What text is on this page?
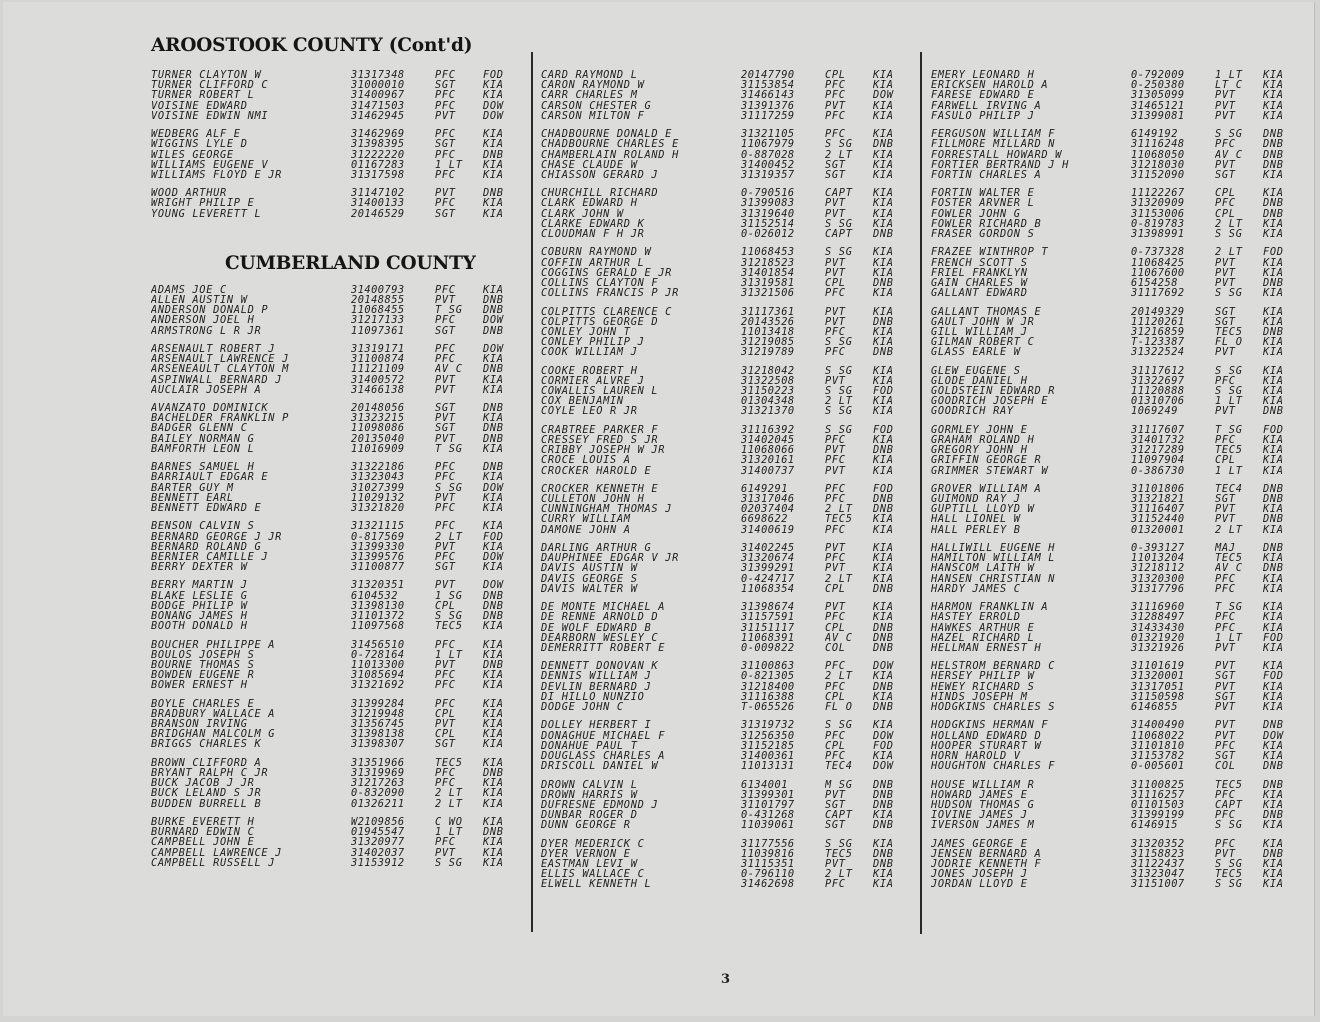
AROOSTOOK COUNTY (Cont'd)
TURNER CLAYTON W	31317348	PFC	FOD
TURNER CLIFFORD C	31000010	SGT	KIA
TURNER ROBERT L	31400967	PFC	KIA
VOISINE EDWARD	31471503	PFC	DOW
VOISINE EDWIN NMI	31462945	PVT	DOW
WEDBERG ALF E	31462969	PFC	KIA
WIGGINS LYLE D	31398395	SGT	KIA
WILES GEORGE	31222220	PFC	DNB
WILLIAMS EUGENE V	01167283	1 LT	KIA
WILLIAMS FLOYD E JR	31317598	PFC	KIA
WOOD ARTHUR	31147102	PVT	DNB
WRIGHT PHILIP E	31400133	PFC	KIA
YOUNG LEVERETT L	20146529	SGT	KIA
CUMBERLAND COUNTY
ADAMS JOE C	31400793	PFC	KIA
ALLEN AUSTIN W	20148855	PVT	DNB
ANDERSON DONALD P	11068455	T SG	DNB
ANDERSON JOEL H	31217133	PFC	DOW
ARMSTRONG L R JR	11097361	SGT	DNB
ARSENAULT ROBERT J	31319171	PFC	DOW
ARSENAULT LAWRENCE J	31100874	PFC	KIA
ARSENEAULT CLAYTON M	11121109	AV C	DNB
ASPINWALL BERNARD J	31400572	PVT	KIA
AUCLAIR JOSEPH A	31466138	PVT	KIA
AVANZATO DOMINICK	20148056	SGT	DNB
BACHELDER FRANKLIN P	31323215	PVT	KIA
BADGER GLENN C	11098086	SGT	DNB
BAILEY NORMAN G	20135040	PVT	DNB
BAMFORTH LEON L	11016909	T SG	KIA
BARNES SAMUEL H	31322186	PFC	DNB
BARRIAULT EDGAR E	31323043	PFC	KIA
BARTER GUY M	31027399	S SG	DOW
BENNETT EARL	11029132	PVT	KIA
BENNETT EDWARD E	31321820	PFC	KIA
BENSON CALVIN S	31321115	PFC	KIA
BERNARD GEORGE J JR	0-817569	2 LT	FOD
BERNARD ROLAND G	31399330	PVT	KIA
BERNIER CAMILLE J	31399576	PFC	DOW
BERRY DEXTER W	31100877	SGT	KIA
BERRY MARTIN J	31320351	PVT	DOW
BLAKE LESLIE G	6104532	1 SG	DNB
BODGE PHILIP W	31398130	CPL	DNB
BONANG JAMES H	31101372	S SG	DNB
BOOTH DONALD H	11097568	TEC5	KIA
BOUCHER PHILIPPE A	31456510	PFC	KIA
BOULOS JOSEPH S	0-728164	1 LT	KIA
BOURNE THOMAS S	11013300	PVT	DNB
BOWDEN EUGENE R	31085694	PFC	KIA
BOWER ERNEST H	31321692	PFC	KIA
BOYLE CHARLES E	31399284	PFC	KIA
BRADBURY WALLACE A	31219948	CPL	KIA
BRANSON IRVING	31356745	PVT	KIA
BRIDGHAN MALCOLM G	31398138	CPL	KIA
BRIGGS CHARLES K	31398307	SGT	KIA
BROWN CLIFFORD A	31351966	TEC5	KIA
BRYANT RALPH C JR	31319969	PFC	DNB
BUCK JACOB J JR	31217263	PFC	KIA
BUCK LELAND S JR	0-832090	2 LT	KIA
BUDDEN BURRELL B	01326211	2 LT	KIA
BURKE EVERETT H	W2109856	C WO	KIA
BURNARD EDWIN C	01945547	1 LT	DNB
CAMPBELL JOHN E	31320977	PFC	KIA
CAMPBELL LAWRENCE J	31402037	PVT	KIA
CAMPBELL RUSSELL J	31153912	S SG	KIA
CARD RAYMOND L	20147790	CPL	KIA
CARON RAYMOND W	31153854	PFC	KIA
CARR CHARLES M	31466143	PFC	DOW
CARSON CHESTER G	31391376	PVT	KIA
CARSON MILTON F	31117259	PFC	KIA
CHADBOURNE DONALD E	31321105	PFC	KIA
CHADBOURNE CHARLES E	11067979	S SG	DNB
CHAMBERLAIN ROLAND H	0-887028	2 LT	KIA
CHASE CLAUDE W	31400452	SGT	KIA
CHIASSON GERARD J	31319357	SGT	KIA
CHURCHILL RICHARD	0-790516	CAPT	KIA
CLARK EDWARD H	31399083	PVT	KIA
CLARK JOHN W	31319640	PVT	KIA
CLARKE EDWARD K	31152514	S SG	KIA
CLOUDMAN F H JR	0-026012	CAPT	DNB
COBURN RAYMOND W	11068453	S SG	KIA
COFFIN ARTHUR L	31218523	PVT	KIA
COGGINS GERALD E JR	31401854	PVT	KIA
COLLINS CLAYTON F	31319581	CPL	DNB
COLLINS FRANCIS P JR	31321506	PFC	KIA
COLPITTS CLARENCE C	31117361	PVT	KIA
COLPITTS GEORGE D	20143526	PVT	DNB
CONLEY JOHN T	11013418	PFC	KIA
CONLEY PHILIP J	31219085	S SG	KIA
COOK WILLIAM J	31219789	PFC	DNB
COOKE ROBERT H	31218042	S SG	KIA
CORMIER ALVRE J	31322508	PVT	KIA
COWALLIS LAUREN L	31150223	S SG	FOD
COX BENJAMIN	01304348	2 LT	KIA
COYLE LEO R JR	31321370	S SG	KIA
CRABTREE PARKER F	31116392	S SG	FOD
CRESSEY FRED S JR	31402045	PFC	KIA
CRIBBY JOSEPH W JR	11068066	PVT	DNB
CROCE LOUIS A	31320161	PFC	KIA
CROCKER HAROLD E	31400737	PVT	KIA
CROCKER KENNETH E	6149291	PFC	FOD
CULLETON JOHN H	31317046	PFC	DNB
CUNNINGHAM THOMAS J	02037404	2 LT	DNB
CURRY WILLIAM	6698622	TEC5	KIA
DAMONE JOHN A	31400619	PFC	KIA
DARLING ARTHUR G	31402245	PVT	KIA
DAUPHINEE EDGAR V JR	31320674	PFC	KIA
DAVIS AUSTIN W	31399291	PVT	KIA
DAVIS GEORGE S	0-424717	2 LT	KIA
DAVIS WALTER W	11068354	CPL	DNB
DE MONTE MICHAEL A	31398674	PVT	KIA
DE RENNE ARNOLD D	31157591	PFC	KIA
DE WOLF EDWARD B	31151117	CPL	DNB
DEARBORN WESLEY C	11068391	AV C	DNB
DEMERRITT ROBERT E	0-009822	COL	DNB
DENNETT DONOVAN K	31100863	PFC	DOW
DENNIS WILLIAM J	0-821305	2 LT	KIA
DEVLIN BERNARD J	31218400	PFC	DNB
DI HILLO NUNZIO	31116388	CPL	KIA
DODGE JOHN C	T-065526	FL O	DNB
DOLLEY HERBERT I	31319732	S SG	KIA
DONAGHUE MICHAEL F	31256350	PFC	DOW
DONAHUE PAUL T	31152185	CPL	FOD
DOUGLASS CHARLES A	31400361	PFC	KIA
DRISCOLL DANIEL W	11013131	TEC4	DOW
DROWN CALVIN L	6134001	M SG	DNB
DROWN HARRIS W	31399301	PVT	DNB
DUFRESNE EDMOND J	31101797	SGT	DNB
DUNBAR ROGER D	0-431268	CAPT	KIA
DUNN GEORGE R	11039061	SGT	DNB
DYER MEDERICK C	31177556	S SG	KIA
DYER VERNON E	11039816	TEC5	DNB
EASTMAN LEVI W	31115351	PVT	DNB
ELLIS WALLACE C	0-796110	2 LT	KIA
ELWELL KENNETH L	31462698	PFC	KIA
EMERY LEONARD H	0-792009	1 LT	KIA
ERICKSEN HAROLD A	0-250380	LT C	KIA
FARESE EDWARD E	31305099	PVT	KIA
FARWELL IRVING A	31465121	PVT	KIA
FASULO PHILIP J	31399081	PVT	KIA
FERGUSON WILLIAM F	6149192	S SG	DNB
FILLMORE MILLARD N	31116248	PFC	DNB
FORRESTALL HOWARD W	11068050	AV C	DNB
FORTIER BERTRAND J H	31218030	PVT	DNB
FORTIN CHARLES A	31152090	SGT	KIA
FORTIN WALTER E	11122267	CPL	KIA
FOSTER ARVNER L	31320909	PFC	DNB
FOWLER JOHN G	31153006	CPL	DNB
FOWLER RICHARD B	0-819783	2 LT	KIA
FRASER GORDON S	31398991	S SG	KIA
FRAZEE WINTHROP T	0-737328	2 LT	FOD
FRENCH SCOTT S	11068425	PVT	KIA
FRIEL FRANKLYN	11067600	PVT	KIA
GAIN CHARLES W	6154258	PVT	DNB
GALLANT EDWARD	31117692	S SG	KIA
GALLANT THOMAS E	20149329	SGT	KIA
GAULT JOHN W JR	11120261	SGT	KIA
GILL WILLIAM J	31216859	TEC5	DNB
GILMAN ROBERT C	T-123387	FL O	KIA
GLASS EARLE W	31322524	PVT	KIA
GLEW EUGENE S	31117612	S SG	KIA
GLODE DANIEL H	31322697	PFC	KIA
GOLDSTEIN EDWARD R	11120888	S SG	KIA
GOODRICH JOSEPH E	01310706	1 LT	KIA
GOODRICH RAY	1069249	PVT	DNB
GORMLEY JOHN E	31117607	T SG	FOD
GRAHAM ROLAND H	31401732	PFC	KIA
GREGORY JOHN H	31217289	TEC5	KIA
GRIFFIN GEORGE R	11097904	CPL	KIA
GRIMMER STEWART W	0-386730	1 LT	KIA
GROVER WILLIAM A	31101806	TEC4	DNB
GUIMOND RAY J	31321821	SGT	DNB
GUPTILL LLOYD W	31116407	PVT	KIA
HALL LIONEL W	31152440	PVT	DNB
HALL PERLEY B	01320001	2 LT	KIA
HALLIWILL EUGENE H	0-393127	MAJ	DNB
HAMILTON WILLIAM L	11013204	TEC5	KIA
HANSCOM LAITH W	31218112	AV C	DNB
HANSEN CHRISTIAN N	31320300	PFC	KIA
HARDY JAMES C	31317796	PFC	KIA
HARMON FRANKLIN A	31116960	T SG	KIA
HASTEY ERROLD	31288497	PFC	KIA
HAWKES ARTHUR E	31433430	PFC	KIA
HAZEL RICHARD L	01321920	1 LT	FOD
HELLMAN ERNEST H	31321926	PVT	KIA
HELSTROM BERNARD C	31101619	PVT	KIA
HERSEY PHILIP W	31320001	SGT	FOD
HEWEY RICHARD S	31317051	PVT	KIA
HINDS JOSEPH M	31150598	SGT	KIA
HODGKINS CHARLES S	6146855	PVT	KIA
HODGKINS HERMAN F	31400490	PVT	DNB
HOLLAND EDWARD D	11068022	PVT	DOW
HOOPER STURART W	31101810	PFC	KIA
HORN HAROLD V	31153782	SGT	KIA
HOUGHTON CHARLES F	0-005601	COL	DNB
HOUSE WILLIAM R	31100825	TEC5	DNB
HOWARD JAMES E	31116257	PFC	KIA
HUDSON THOMAS G	01101503	CAPT	KIA
IOVINE JAMES J	31399199	PFC	DNB
IVERSON JAMES M	6146915	S SG	KIA
JAMES GEORGE E	31320352	PFC	KIA
JENSEN BERNARD A	31158823	PVT	DNB
JODRIE KENNETH F	31122437	S SG	KIA
JONES JOSEPH J	31323047	TEC5	KIA
JORDAN LLOYD E	31151007	S SG	KIA
3
